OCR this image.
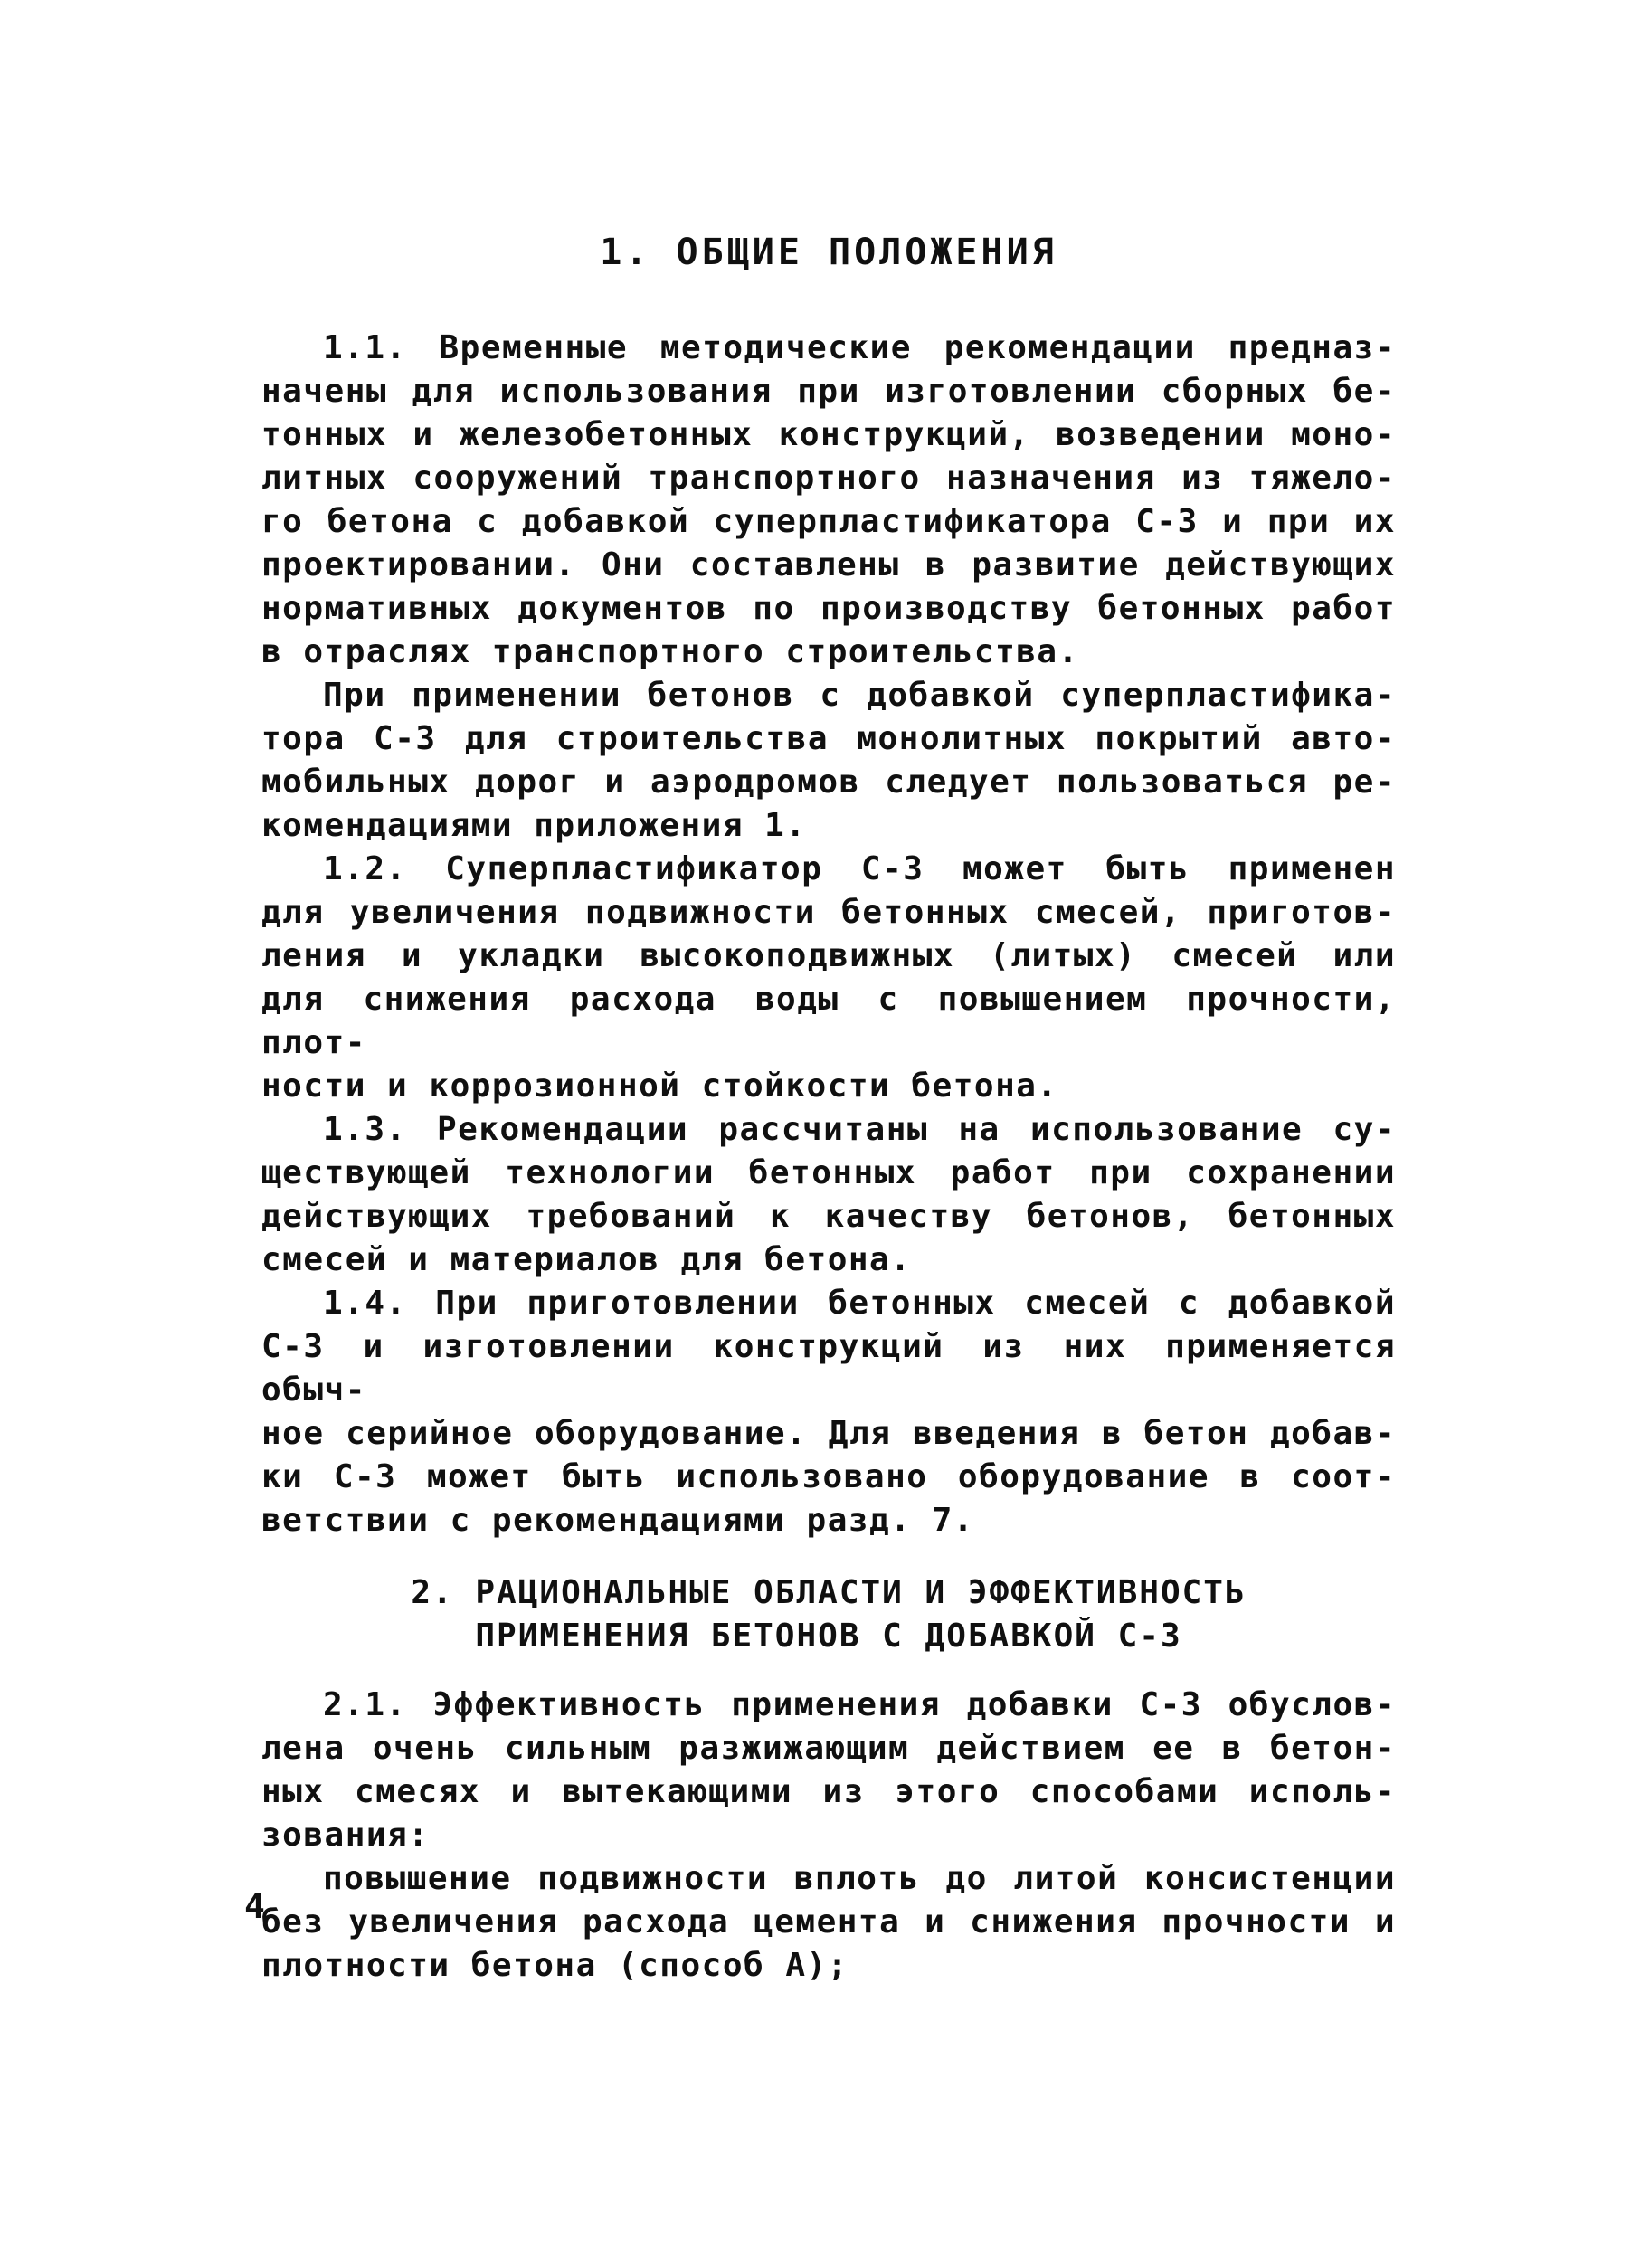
1. ОБЩИЕ ПОЛОЖЕНИЯ

1.1. Временные методические рекомендации предназ-
начены для использования при изготовлении сборных бе-
тонных и железобетонных конструкций, возведении моно-
литных сооружений транспортного назначения из тяжело-
го бетона с добавкой суперпластификатора С-3 и при их
проектировании. Они составлены в развитие действующих
нормативных документов по производству бетонных работ
в отраслях транспортного строительства.

При применении бетонов с добавкой суперпластифика-
тора С-3 для строительства монолитных покрытий авто-
мобильных дорог и аэродромов следует пользоваться ре-
комендациями приложения 1.

1.2. Суперпластификатор С-3 может быть применен
для увеличения подвижности бетонных смесей, приготов-
ления и укладки высокоподвижных (литых) смесей или
для снижения расхода воды с повышением прочности, плот-
ности и коррозионной стойкости бетона.

1.3. Рекомендации рассчитаны на использование су-
ществующей технологии бетонных работ при сохранении
действующих требований к качеству бетонов, бетонных
смесей и материалов для бетона.

1.4. При приготовлении бетонных смесей с добавкой
С-3 и изготовлении конструкций из них применяется обыч-
ное серийное оборудование. Для введения в бетон добав-
ки С-3 может быть использовано оборудование в соот-
ветствии с рекомендациями разд. 7.

2. РАЦИОНАЛЬНЫЕ ОБЛАСТИ И ЭФФЕКТИВНОСТЬ
ПРИМЕНЕНИЯ БЕТОНОВ С ДОБАВКОЙ С-3

2.1. Эффективность применения добавки С-3 обуслов-
лена очень сильным разжижающим действием ее в бетон-
ных смесях и вытекающими из этого способами исполь-
зования:

повышение подвижности вплоть до литой консистенции
без увеличения расхода цемента и снижения прочности и
плотности бетона (способ А);

4
